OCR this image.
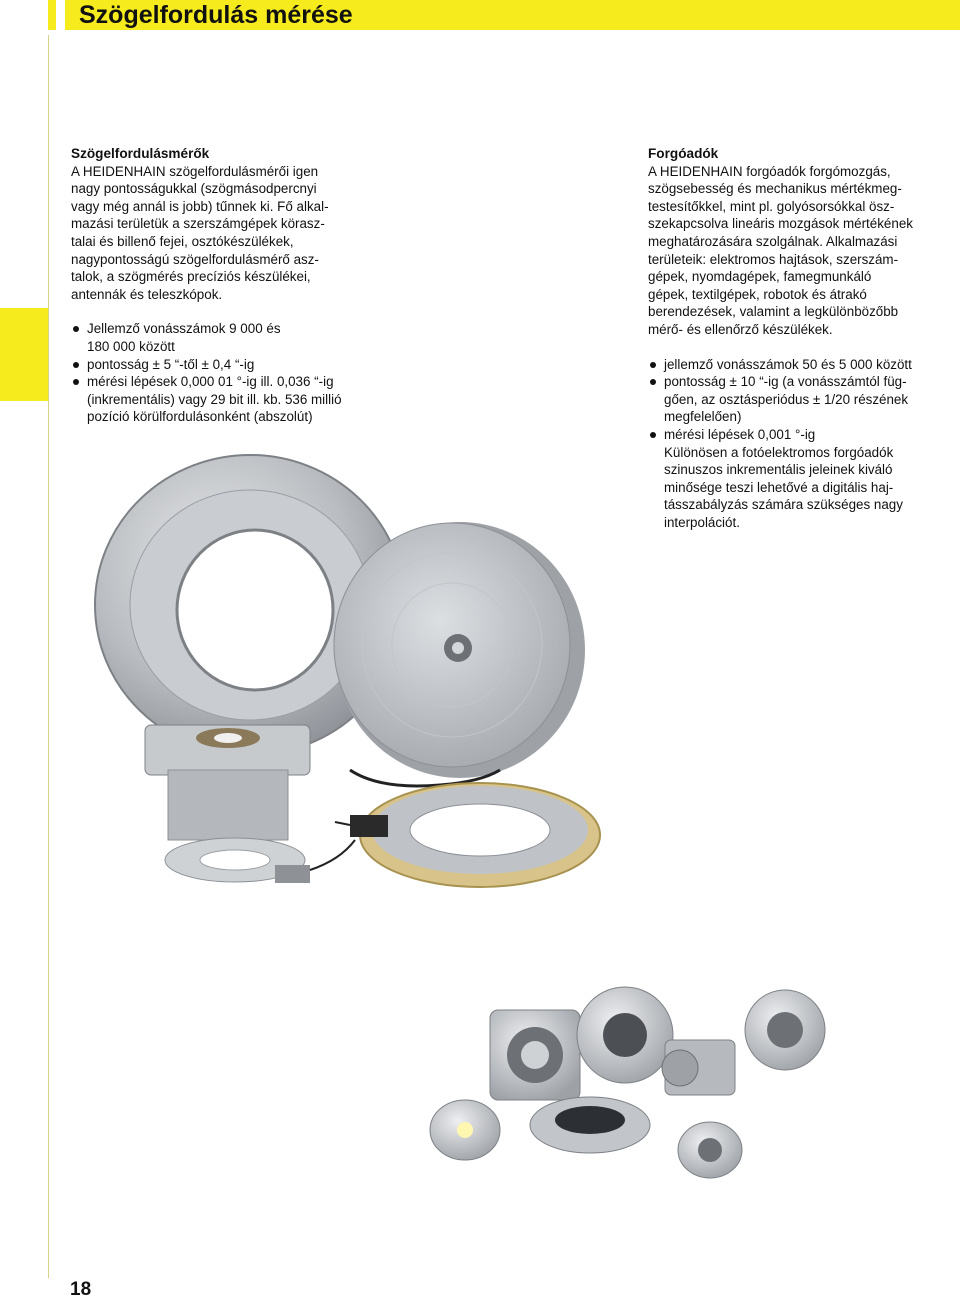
Szögelfordulás mérése

Szögelfordulásmérők

A HEIDENHAIN szögelfordulásmérői igen
nagy pontosságukkal (szögmásodpercnyi
vagy még annál is jobb) tűnnek ki. Fő alkal-
mazási területük a szerszámgépek körasz-
talai és billenő fejei, osztókészülékek,
nagypontosságú szögelfordulásmérő asz-
talok, a szögmérés precíziós készülékei,
antennák és teleszkópok.

Jellemző vonásszámok 9 000 és
180 000 között
pontosság ± 5 “-től ± 0,4 “-ig
mérési lépések 0,000 01 °-ig ill. 0,036 “-ig
(inkrementális) vagy 29 bit ill. kb. 536 millió
pozíció körülfordulásonként (abszolút)

Forgóadók

A HEIDENHAIN forgóadók forgómozgás,
szögsebesség és mechanikus mértékmeg-
testesítőkkel, mint pl. golyósorsókkal ösz-
szekapcsolva lineáris mozgások mértékének
meghatározására szolgálnak. Alkalmazási
területeik: elektromos hajtások, szerszám-
gépek, nyomdagépek, famegmunkáló
gépek, textilgépek, robotok és átrakó
berendezések, valamint a legkülönbözőbb
mérő- és ellenőrző készülékek.

jellemző vonásszámok 50 és 5 000 között
pontosság ± 10 “-ig (a vonásszámtól füg-
gően, az osztásperiódus ± 1/20 részének
megfelelően)
mérési lépések 0,001 °-ig

Különösen a fotóelektromos forgóadók
szinuszos inkrementális jeleinek kiváló
minősége teszi lehetővé a digitális haj-
tásszabályzás számára szükséges nagy
interpolációt.

18
